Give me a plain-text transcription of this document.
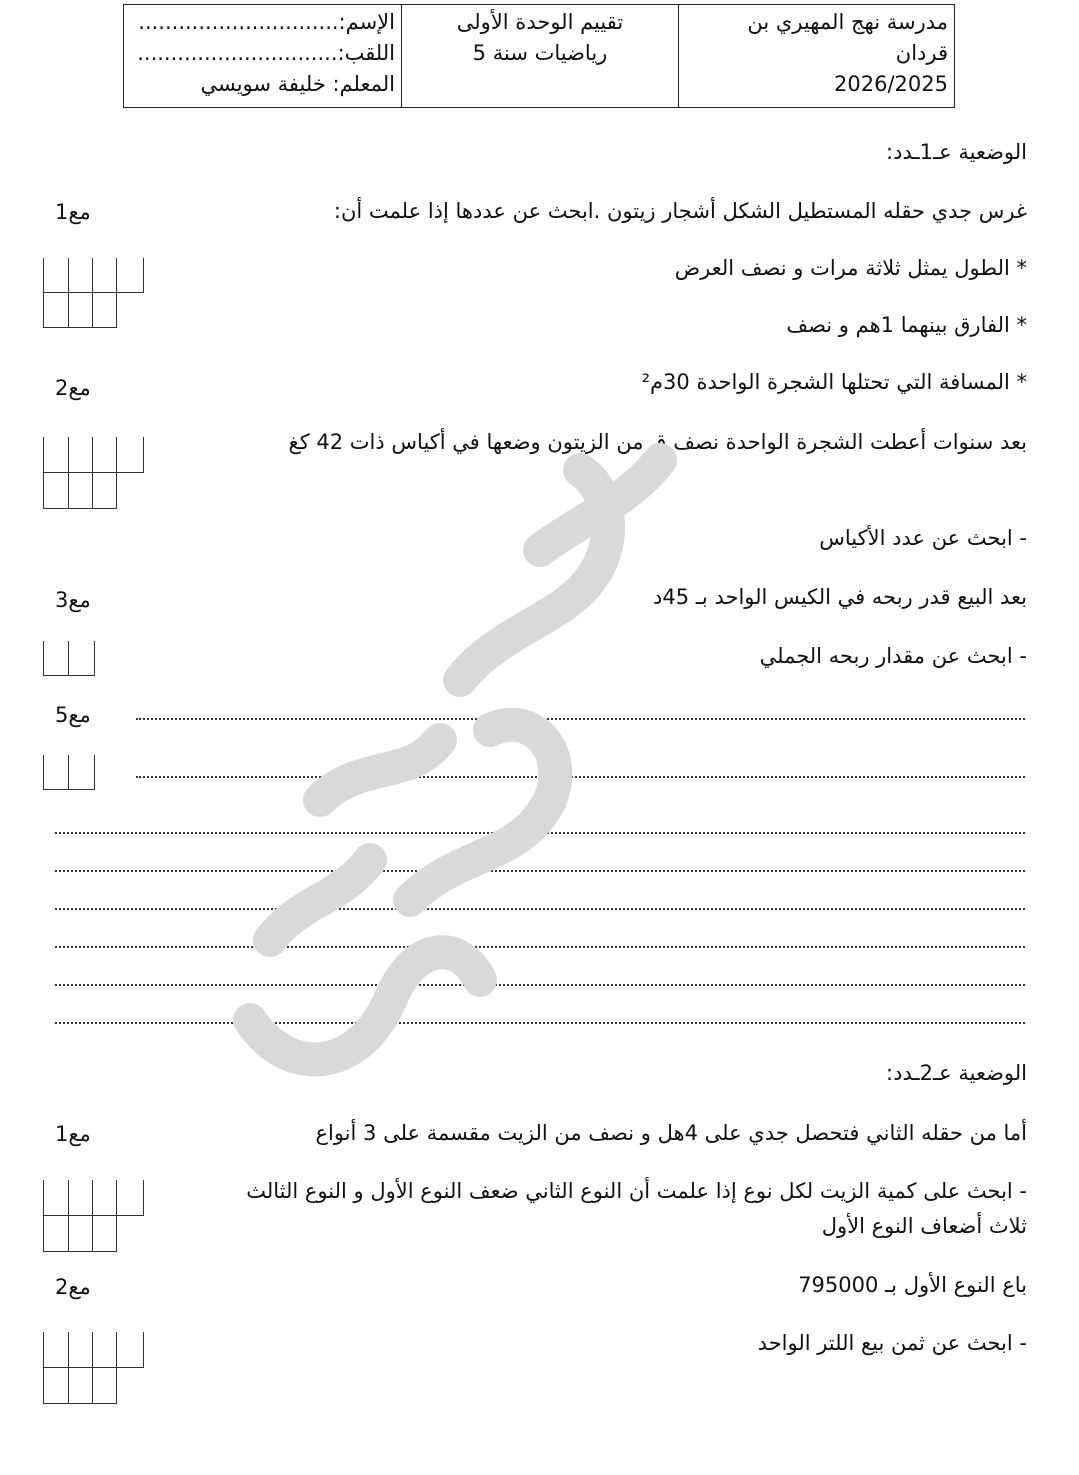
مدرسة نهج المهيري بن
قردان
2026/2025
تقييم الوحدة الأولى
رياضيات سنة 5
الإسم:..............................
اللقب:..............................
المعلم: خليفة سويسي
الوضعية عـ1ـدد:
غرس جدي حقله المستطيل الشكل أشجار زيتون .ابحث عن عددها إذا علمت أن:
مع1
* الطول يمثل ثلاثة مرات و نصف العرض
* الفارق بينهما 1هم و نصف
* المسافة التي تحتلها الشجرة الواحدة 30م²
مع2
بعد سنوات أعطت الشجرة الواحدة نصف ق من الزيتون وضعها في أكياس ذات 42 كغ
- ابحث عن عدد الأكياس
بعد البيع قدر ربحه في الكيس الواحد بـ 45د
مع3
- ابحث عن مقدار ربحه الجملي
مع5
الوضعية عـ2ـدد:
أما من حقله الثاني فتحصل جدي على 4هل و نصف من الزيت مقسمة على 3 أنواع
مع1
- ابحث على كمية الزيت لكل نوع إذا علمت أن النوع الثاني ضعف النوع الأول و النوع الثالث
ثلاث أضعاف النوع الأول
باع النوع الأول بـ 795000
مع2
- ابحث عن ثمن بيع اللتر الواحد
